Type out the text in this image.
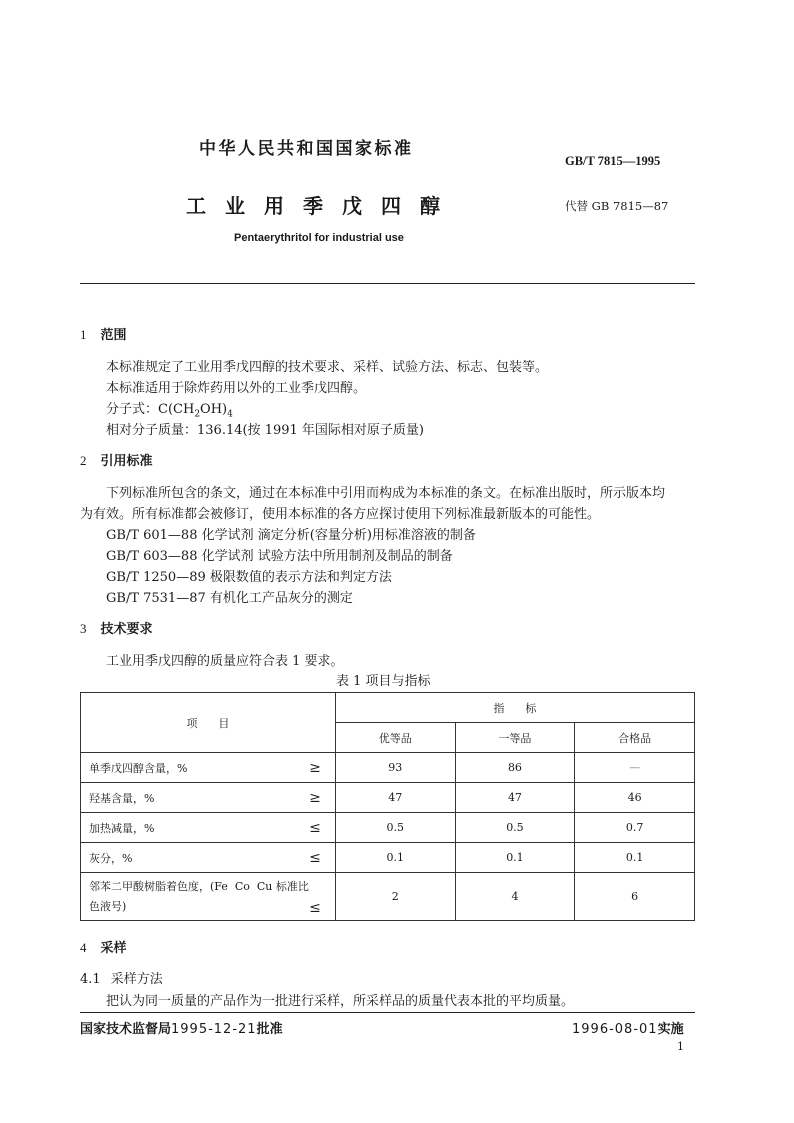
中华人民共和国国家标准
GB/T 7815—1995
工业用季戊四醇	代替 GB 7815—87
Pentaerythritol for industrial use
1 范围
本标准规定了工业用季戊四醇的技术要求、采样、试验方法、标志、包装等。
本标准适用于除炸药用以外的工业季戊四醇。
分子式：$C(CH_2OH)_4$
相对分子质量：136.14(按 1991 年国际相对原子质量)
2 引用标准
下列标准所包含的条文，通过在本标准中引用而构成为本标准的条文。在标准出版时，所示版本均
为有效。所有标准都会被修订，使用本标准的各方应探讨使用下列标准最新版本的可能性。
GB/T 601—88 化学试剂 滴定分析(容量分析)用标准溶液的制备
GB/T 603—88 化学试剂 试验方法中所用制剂及制品的制备
GB/T 1250—89 极限数值的表示方法和判定方法
GB/T 7531—87 有机化工产品灰分的测定
3 技术要求
工业用季戊四醇的质量应符合表 1 要求。
表 1 项目与指标
项      目	指      标		
	优等品	一等品	合格品
单季戊四醇含量，% ≥	93	86	—
羟基含量，% ≥	47	47	46
加热减量，% ≤	0.5	0.5	0.7
灰分，% ≤	0.1	0.1	0.1

邻苯二甲酸树脂着色度，(Fe  Co  Cu 标准比
色液号) ≤	2	4	6
4 采样
4.1 采样方法
把认为同一质量的产品作为一批进行采样，所采样品的质量代表本批的平均质量。
国家技术监督局1995-12-21批准	1996-08-01实施
1
